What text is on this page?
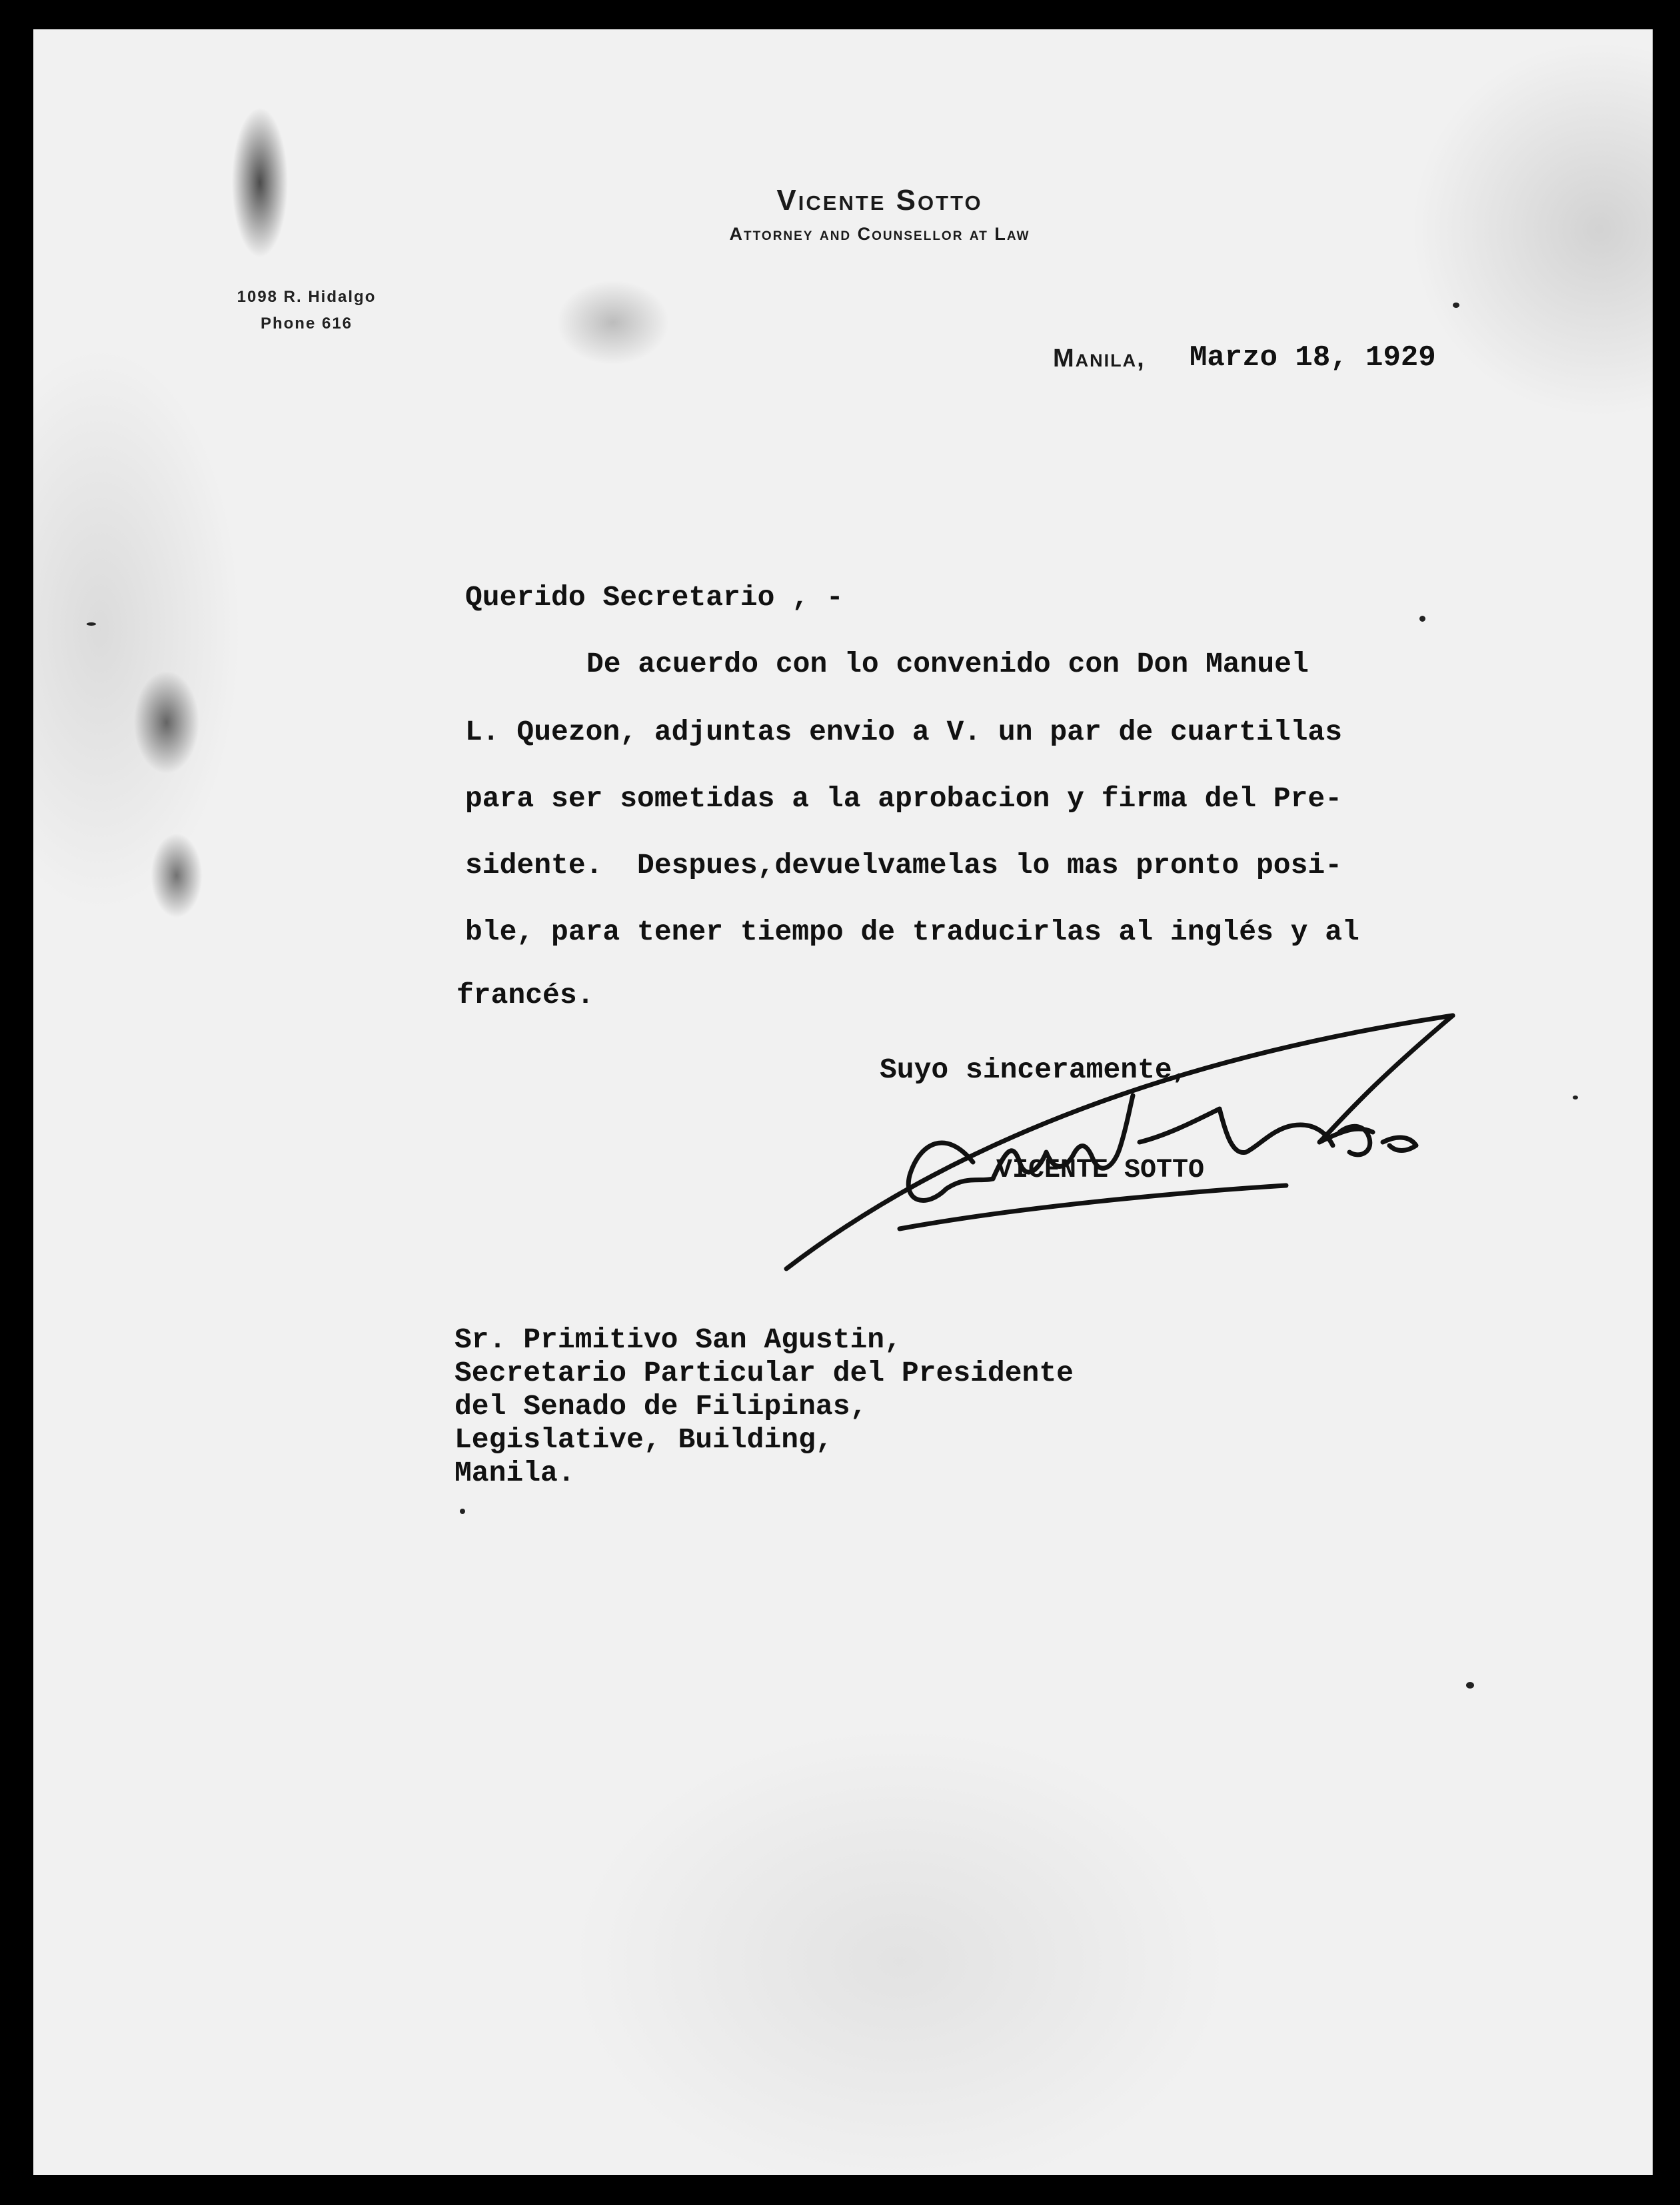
Vicente Sotto
Attorney and Counsellor at Law
1098 R. Hidalgo
Phone 616
Manila, Marzo 18, 1929
Querido Secretario , -
De acuerdo con lo convenido con Don Manuel
L. Quezon, adjuntas envio a V. un par de cuartillas
para ser sometidas a la aprobacion y firma del Pre-
sidente.  Despues,devuelvamelas lo mas pronto posi-
ble, para tener tiempo de traducirlas al inglés y al
francés.
Suyo sinceramente,
VICENTE SOTTO
Sr. Primitivo San Agustin,
Secretario Particular del Presidente
del Senado de Filipinas,
Legislative, Building,
Manila.
